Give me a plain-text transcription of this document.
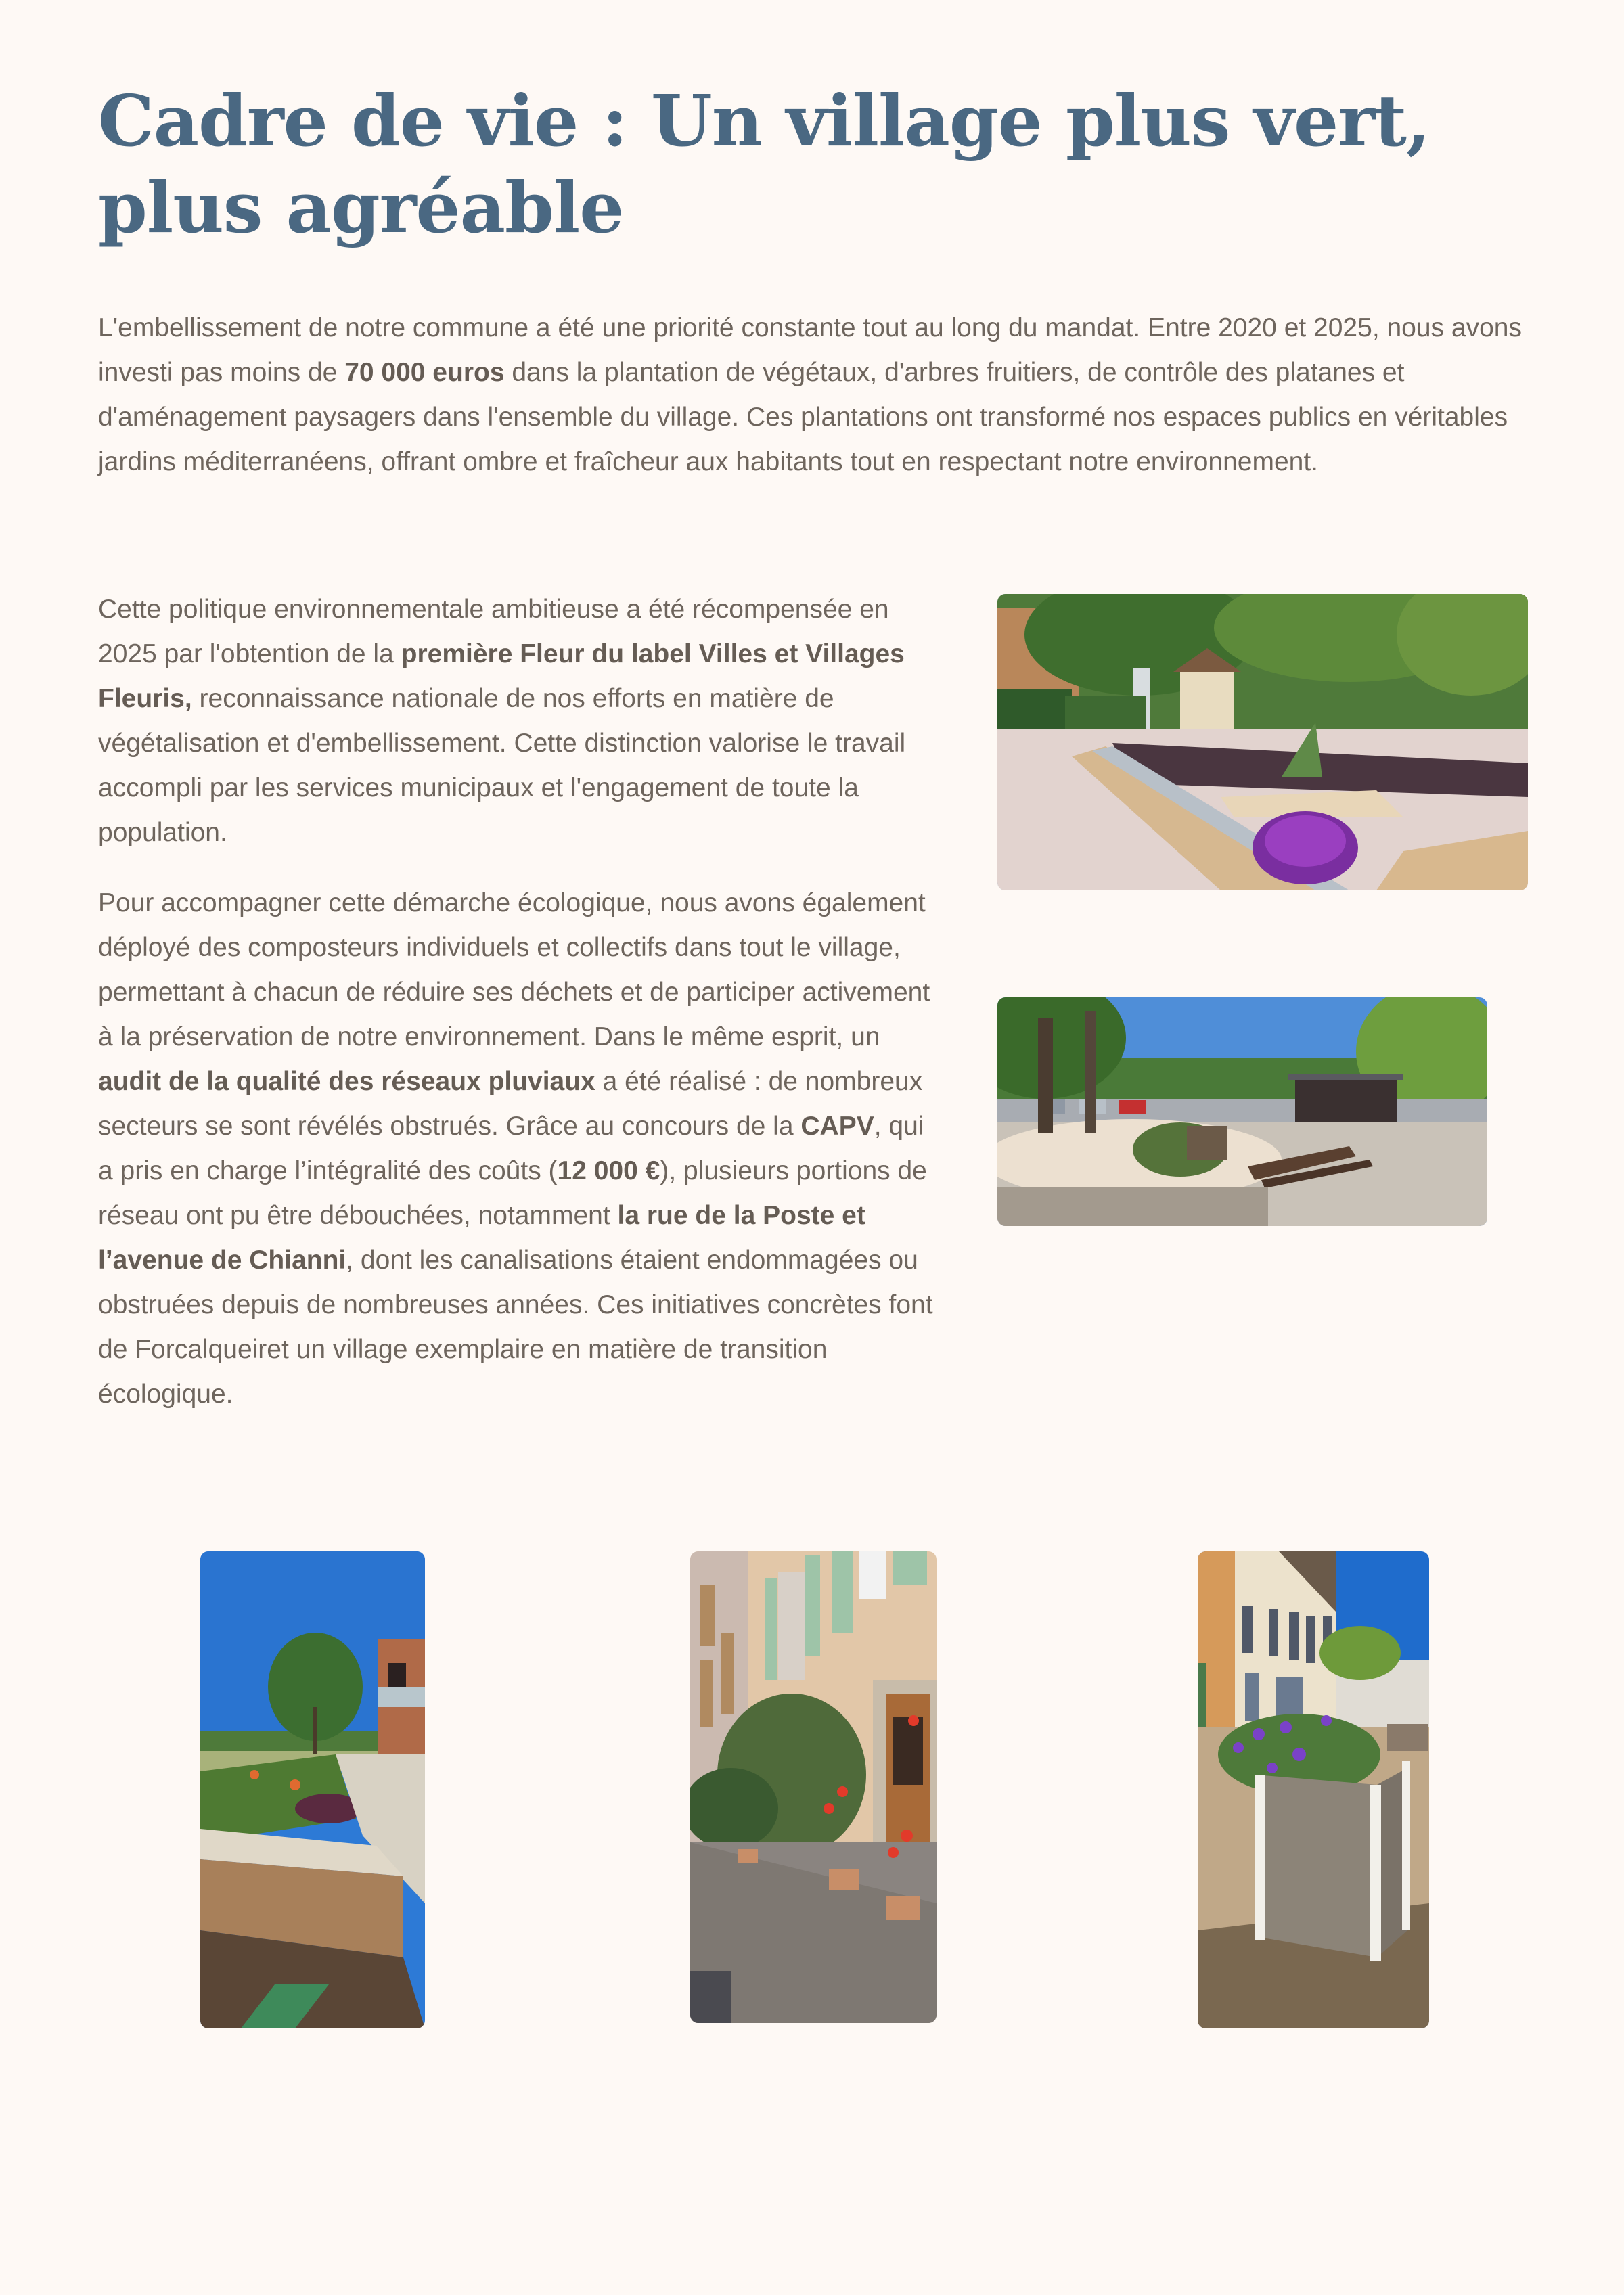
Cadre de vie : Un village plus vert, plus agréable

L'embellissement de notre commune a été une priorité constante tout au long du mandat. Entre 2020 et 2025, nous avons investi pas moins de 70 000 euros dans la plantation de végétaux, d'arbres fruitiers, de contrôle des platanes et d'aménagement paysagers dans l'ensemble du village. Ces plantations ont transformé nos espaces publics en véritables jardins méditerranéens, offrant ombre et fraîcheur aux habitants tout en respectant notre environnement.

Cette politique environnementale ambitieuse a été récompensée en 2025 par l'obtention de la première Fleur du label Villes et Villages Fleuris, reconnaissance nationale de nos efforts en matière de végétalisation et d'embellissement. Cette distinction valorise le travail accompli par les services municipaux et l'engagement de toute la population.

Pour accompagner cette démarche écologique, nous avons également déployé des composteurs individuels et collectifs dans tout le village, permettant à chacun de réduire ses déchets et de participer activement à la préservation de notre environnement. Dans le même esprit, un audit de la qualité des réseaux pluviaux a été réalisé : de nombreux secteurs se sont révélés obstrués. Grâce au concours de la CAPV, qui a pris en charge l’intégralité des coûts (12 000 €), plusieurs portions de réseau ont pu être débouchées, notamment la rue de la Poste et l’avenue de Chianni, dont les canalisations étaient endommagées ou obstruées depuis de nombreuses années. Ces initiatives concrètes font de Forcalqueiret un village exemplaire en matière de transition écologique.
